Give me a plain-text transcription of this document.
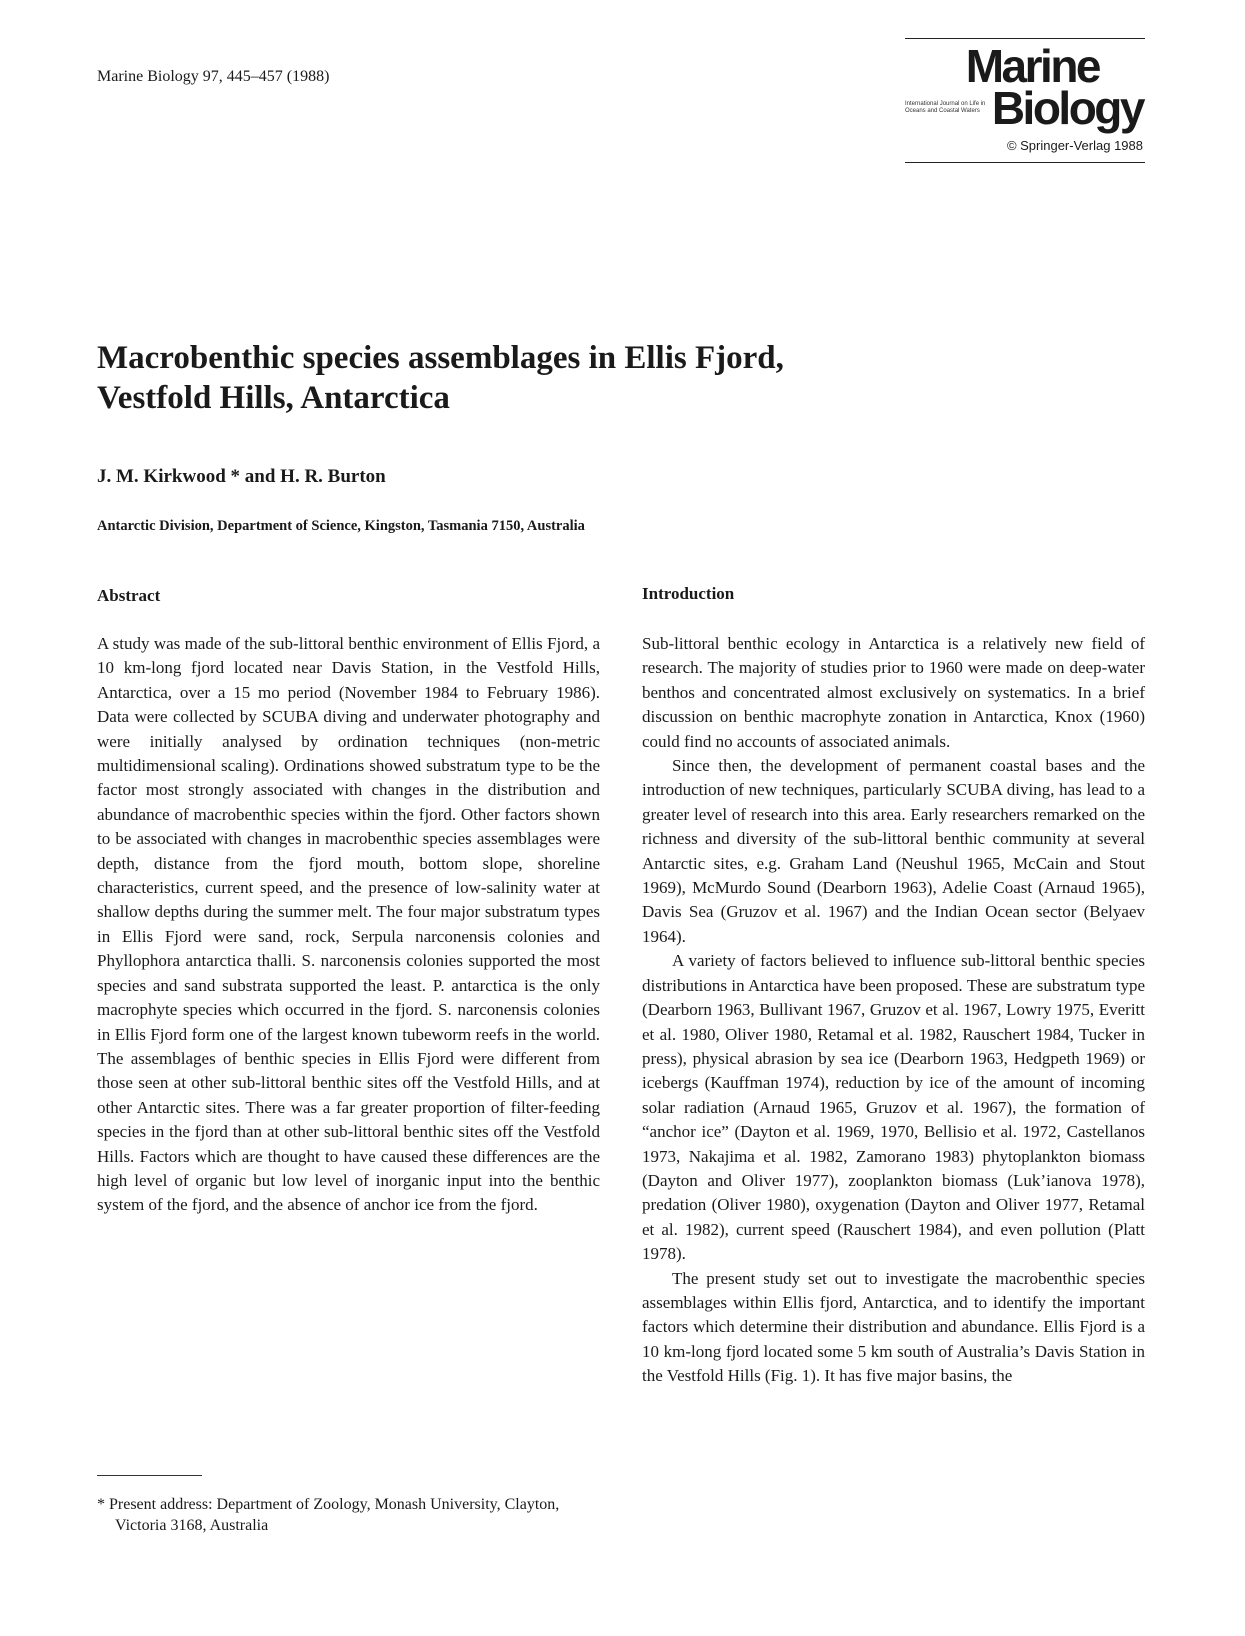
Marine Biology 97, 445–457 (1988)	Marine
Biology
International Journal on Life in Oceans and Coastal Waters
© Springer-Verlag 1988
Macrobenthic species assemblages in Ellis Fjord, Vestfold Hills, Antarctica
J. M. Kirkwood * and H. R. Burton
Antarctic Division, Department of Science, Kingston, Tasmania 7150, Australia
Abstract	Introduction

A study was made of the sub-littoral benthic environment of Ellis Fjord, a 10 km-long fjord located near Davis Station, in the Vestfold Hills, Antarctica, over a 15 mo period (November 1984 to February 1986). Data were collected by SCUBA diving and underwater photography and were initially analysed by ordination techniques (non-metric multidimensional scaling). Ordinations showed substratum type to be the factor most strongly associated with changes in the distribution and abundance of macrobenthic species within the fjord. Other factors shown to be associated with changes in macrobenthic species assemblages were depth, distance from the fjord mouth, bottom slope, shoreline characteristics, current speed, and the presence of low-salinity water at shallow depths during the summer melt. The four major substratum types in Ellis Fjord were sand, rock, Serpula narconensis colonies and Phyllophora antarctica thalli. S. narconensis colonies supported the most species and sand substrata supported the least. P. antarctica is the only macrophyte species which occurred in the fjord. S. narconensis colonies in Ellis Fjord form one of the largest known tubeworm reefs in the world. The assemblages of benthic species in Ellis Fjord were different from those seen at other sub-littoral benthic sites off the Vestfold Hills, and at other Antarctic sites. There was a far greater proportion of filter-feeding species in the fjord than at other sub-littoral benthic sites off the Vestfold Hills. Factors which are thought to have caused these differences are the high level of organic but low level of inorganic input into the benthic system of the fjord, and the absence of anchor ice from the fjord.

Sub-littoral benthic ecology in Antarctica is a relatively new field of research. The majority of studies prior to 1960 were made on deep-water benthos and concentrated almost exclusively on systematics. In a brief discussion on benthic macrophyte zonation in Antarctica, Knox (1960) could find no accounts of associated animals.

Since then, the development of permanent coastal bases and the introduction of new techniques, particularly SCUBA diving, has lead to a greater level of research into this area. Early researchers remarked on the richness and diversity of the sub-littoral benthic community at several Antarctic sites, e.g. Graham Land (Neushul 1965, McCain and Stout 1969), McMurdo Sound (Dearborn 1963), Adelie Coast (Arnaud 1965), Davis Sea (Gruzov et al. 1967) and the Indian Ocean sector (Belyaev 1964).

A variety of factors believed to influence sub-littoral benthic species distributions in Antarctica have been proposed. These are substratum type (Dearborn 1963, Bullivant 1967, Gruzov et al. 1967, Lowry 1975, Everitt et al. 1980, Oliver 1980, Retamal et al. 1982, Rauschert 1984, Tucker in press), physical abrasion by sea ice (Dearborn 1963, Hedgpeth 1969) or icebergs (Kauffman 1974), reduction by ice of the amount of incoming solar radiation (Arnaud 1965, Gruzov et al. 1967), the formation of “anchor ice” (Dayton et al. 1969, 1970, Bellisio et al. 1972, Castellanos 1973, Nakajima et al. 1982, Zamorano 1983) phytoplankton biomass (Dayton and Oliver 1977), zooplankton biomass (Luk’ianova 1978), predation (Oliver 1980), oxygenation (Dayton and Oliver 1977, Retamal et al. 1982), current speed (Rauschert 1984), and even pollution (Platt 1978).

The present study set out to investigate the macrobenthic species assemblages within Ellis fjord, Antarctica, and to identify the important factors which determine their distribution and abundance. Ellis Fjord is a 10 km-long fjord located some 5 km south of Australia’s Davis Station in the Vestfold Hills (Fig. 1). It has five major basins, the

* Present address: Department of Zoology, Monash University, Clayton, Victoria 3168, Australia
